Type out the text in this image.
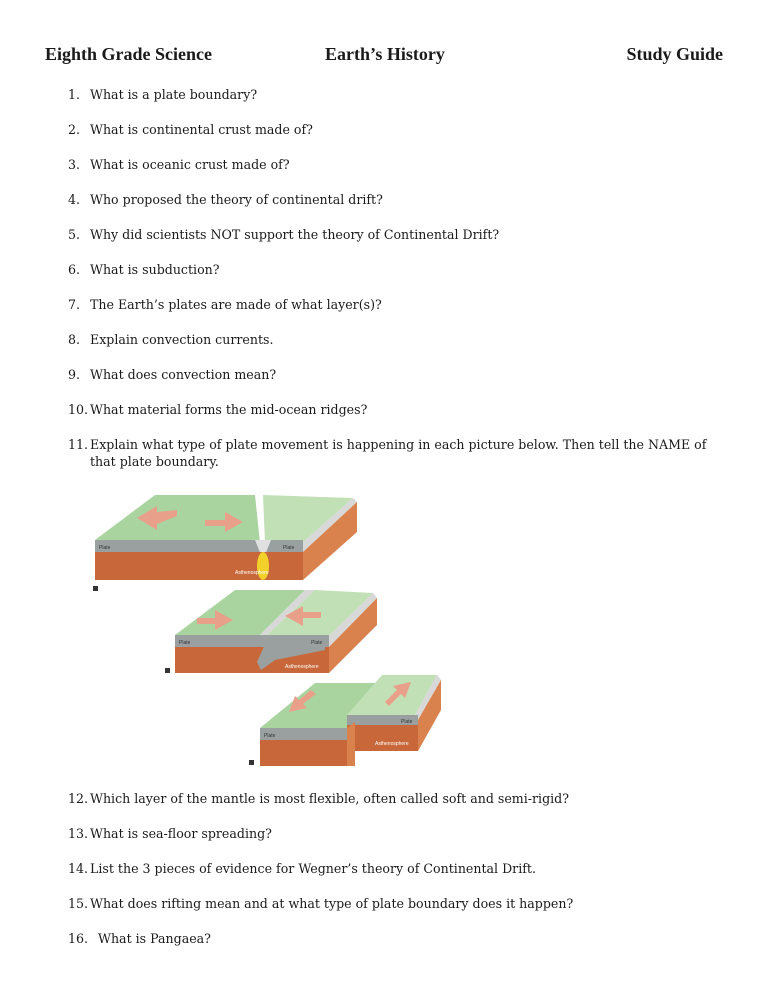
Eighth Grade Science	Earth’s History	Study Guide
1. What is a plate boundary?
2. What is continental crust made of?
3. What is oceanic crust made of?
4. Who proposed the theory of continental drift?
5. Why did scientists NOT support the theory of Continental Drift?
6. What is subduction?
7. The Earth’s plates are made of what layer(s)?
8. Explain convection currents.
9. What does convection mean?
10. What material forms the mid-ocean ridges?
11. Explain what type of plate movement is happening in each picture below. Then tell the NAME of
that plate boundary.
Plate	Plate
Asthenosphere
Plate	Plate
Asthenosphere
Plate
Plate
Asthenosphere
12. Which layer of the mantle is most flexible, often called soft and semi-rigid?
13. What is sea-floor spreading?
14. List the 3 pieces of evidence for Wegner’s theory of Continental Drift.
15. What does rifting mean and at what type of plate boundary does it happen?
16. What is Pangaea?
